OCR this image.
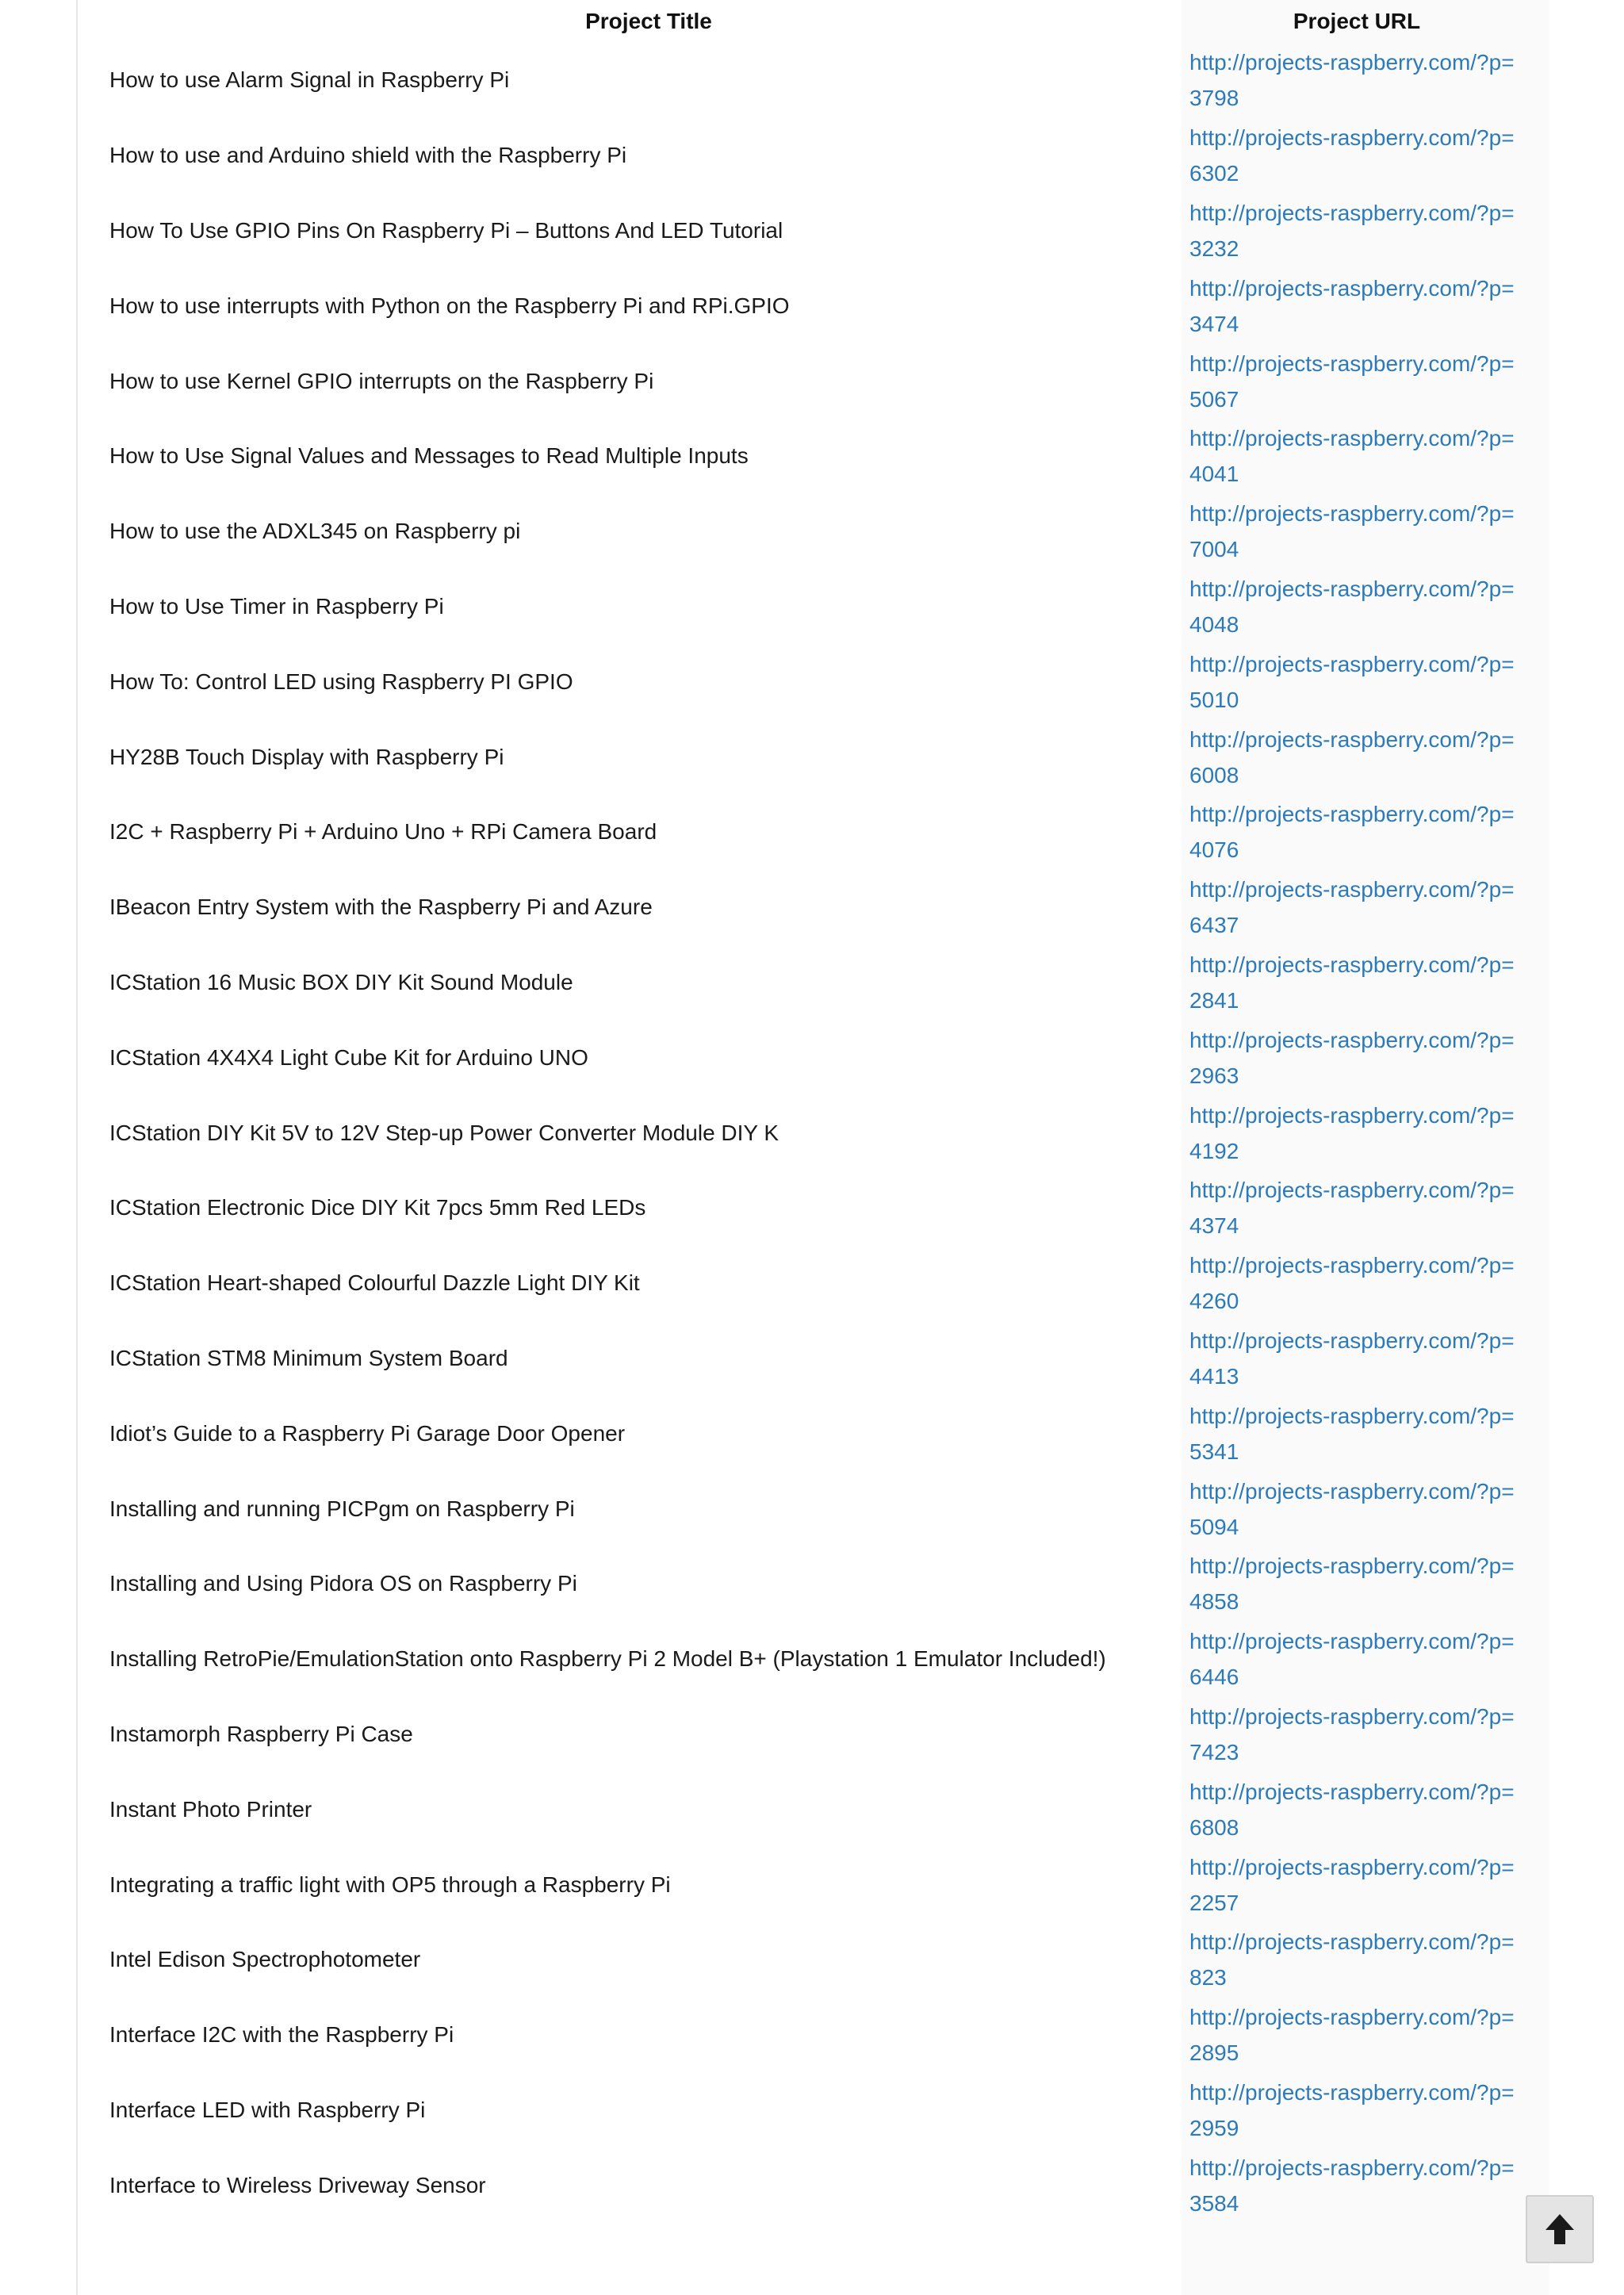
Project Title	Project URL
How to use Alarm Signal in Raspberry Pi	http://projects-raspberry.com/?p=3798

How to use and Arduino shield with the Raspberry Pi	http://projects-raspberry.com/?p=6302

How To Use GPIO Pins On Raspberry Pi – Buttons And LED Tutorial	http://projects-raspberry.com/?p=3232

How to use interrupts with Python on the Raspberry Pi and RPi.GPIO	http://projects-raspberry.com/?p=3474

How to use Kernel GPIO interrupts on the Raspberry Pi	http://projects-raspberry.com/?p=5067

How to Use Signal Values and Messages to Read Multiple Inputs	http://projects-raspberry.com/?p=4041

How to use the ADXL345 on Raspberry pi	http://projects-raspberry.com/?p=7004

How to Use Timer in Raspberry Pi	http://projects-raspberry.com/?p=4048

How To: Control LED using Raspberry PI GPIO	http://projects-raspberry.com/?p=5010

HY28B Touch Display with Raspberry Pi	http://projects-raspberry.com/?p=6008

I2C + Raspberry Pi + Arduino Uno + RPi Camera Board	http://projects-raspberry.com/?p=4076

IBeacon Entry System with the Raspberry Pi and Azure	http://projects-raspberry.com/?p=6437

ICStation 16 Music BOX DIY Kit Sound Module	http://projects-raspberry.com/?p=2841

ICStation 4X4X4 Light Cube Kit for Arduino UNO	http://projects-raspberry.com/?p=2963

ICStation DIY Kit 5V to 12V Step-up Power Converter Module DIY K	http://projects-raspberry.com/?p=4192

ICStation Electronic Dice DIY Kit 7pcs 5mm Red LEDs	http://projects-raspberry.com/?p=4374

ICStation Heart-shaped Colourful Dazzle Light DIY Kit	http://projects-raspberry.com/?p=4260

ICStation STM8 Minimum System Board	http://projects-raspberry.com/?p=4413

Idiot’s Guide to a Raspberry Pi Garage Door Opener	http://projects-raspberry.com/?p=5341

Installing and running PICPgm on Raspberry Pi	http://projects-raspberry.com/?p=5094

Installing and Using Pidora OS on Raspberry Pi	http://projects-raspberry.com/?p=4858

Installing RetroPie/EmulationStation onto Raspberry Pi 2 Model B+ (Playstation 1 Emulator Included!)	http://projects-raspberry.com/?p=6446

Instamorph Raspberry Pi Case	http://projects-raspberry.com/?p=7423

Instant Photo Printer	http://projects-raspberry.com/?p=6808

Integrating a traffic light with OP5 through a Raspberry Pi	http://projects-raspberry.com/?p=2257

Intel Edison Spectrophotometer	http://projects-raspberry.com/?p=823

Interface I2C with the Raspberry Pi	http://projects-raspberry.com/?p=2895

Interface LED with Raspberry Pi	http://projects-raspberry.com/?p=2959

Interface to Wireless Driveway Sensor	http://projects-raspberry.com/?p=3584
